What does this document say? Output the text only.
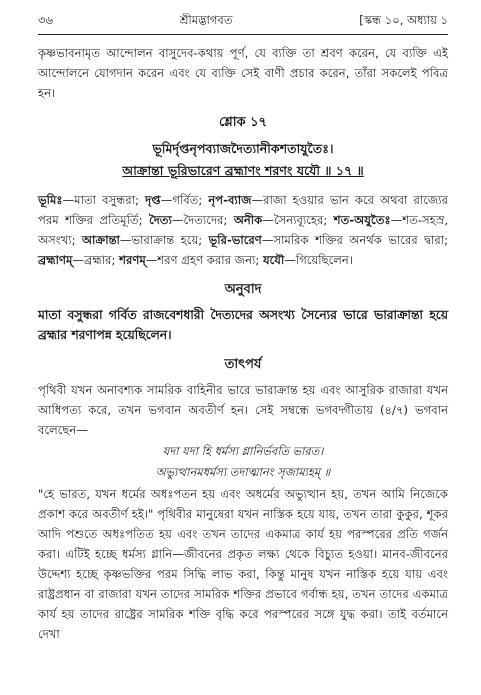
৩৬	শ্রীমদ্ভাগবত	[স্কন্ধ ১০, অধ্যায় ১

কৃষ্ণভাবনামৃত আন্দোলন বাসুদেব-কথায় পূর্ণ, যে ব্যক্তি তা শ্রবণ করেন, যে ব্যক্তি এই আন্দোলনে যোগদান করেন এবং যে ব্যক্তি সেই বাণী প্রচার করেন, তাঁরা সকলেই পবিত্র হন।

শ্লোক ১৭
ভূমির্দৃপ্তনৃপব্যাজদৈত্যানীকশতাযুতৈঃ।
আক্রান্তা ভূরিভারেণ ব্রহ্মাণং শরণং যযৌ ॥ ১৭ ॥
ভূমিঃ—মাতা বসুন্ধরা; দৃপ্ত—গর্বিত; নৃপ-ব্যাজ—রাজা হওয়ার ভান করে অথবা রাজ্যের পরম শক্তির প্রতিমূর্তি; দৈত্য—দৈত্যদের; অনীক—সৈন্যব্যূহের; শত-অযুতৈঃ—শত-সহস্র, অসংখ্য; আক্রান্তা—ভারাক্রান্ত হয়ে; ভূরি-ভারেণ—সামরিক শক্তির অনর্থক ভারের দ্বারা; ব্রহ্মাণম্—ব্রহ্মার; শরণম্—শরণ গ্রহণ করার জন্য; যযৌ—গিয়েছিলেন।
অনুবাদ
মাতা বসুন্ধরা গর্বিত রাজবেশধারী দৈত্যদের অসংখ্য সৈন্যের ভারে ভারাক্রান্তা হয়ে ব্রহ্মার শরণাপন্ন হয়েছিলেন।
তাৎপর্য

পৃথিবী যখন অনাবশ্যক সামরিক বাহিনীর ভারে ভারাক্রান্ত হয় এবং আসুরিক রাজারা যখন আধিপত্য করে, তখন ভগবান অবতীর্ণ হন। সেই সম্বন্ধে ভগবদ্গীতায় (৪/৭) ভগবান বলেছেন—

যদা যদা হি ধর্মস্য গ্লানির্ভবতি ভারত।
অভ্যুত্থানমধর্মস্য তদাত্মানং সৃজাম্যহম্ ॥

"হে ভারত, যখন ধর্মের অধঃপতন হয় এবং অধর্মের অভ্যুত্থান হয়, তখন আমি নিজেকে প্রকাশ করে অবতীর্ণ হই।" পৃথিবীর মানুষেরা যখন নাস্তিক হয়ে যায়, তখন তারা কুকুর, শূকর আদি পশুতে অধঃপতিত হয় এবং তখন তাদের একমাত্র কার্য হয় পরস্পরের প্রতি গর্জন করা। এটিই হচ্ছে ধর্মস্য গ্লানি—জীবনের প্রকৃত লক্ষ্য থেকে বিচ্যুত হওয়া। মানব-জীবনের উদ্দেশ্য হচ্ছে কৃষ্ণভক্তির পরম সিদ্ধি লাভ করা, কিন্তু মানুষ যখন নাস্তিক হয়ে যায় এবং রাষ্ট্রপ্রধান বা রাজারা যখন তাদের সামরিক শক্তির প্রভাবে গর্বান্ধ হয়, তখন তাদের একমাত্র কার্য হয় তাদের রাষ্ট্রের সামরিক শক্তি বৃদ্ধি করে পরস্পরের সঙ্গে যুদ্ধ করা। তাই বর্তমানে দেখা
